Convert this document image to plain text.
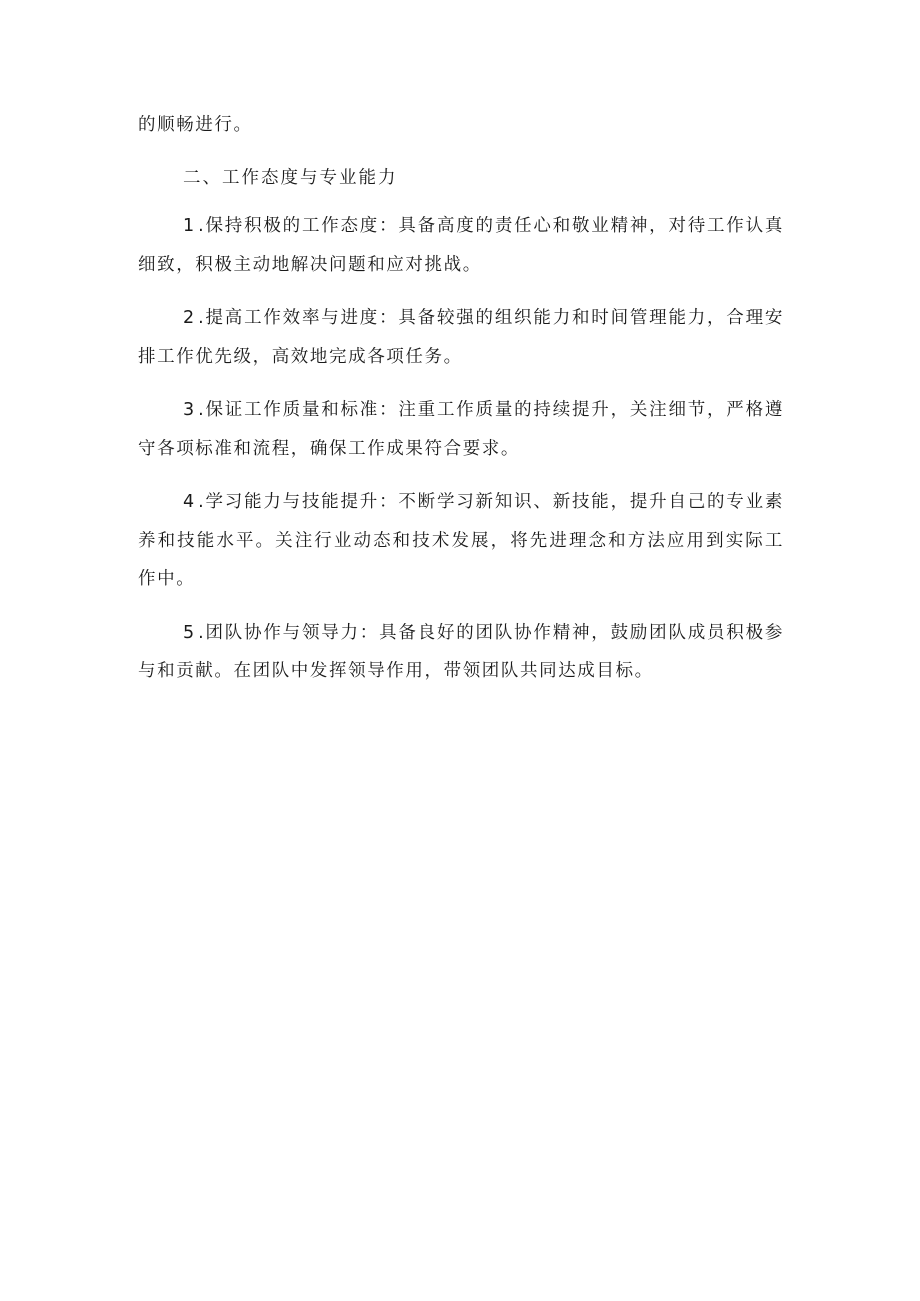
的顺畅进行。

二、工作态度与专业能力

1.保持积极的工作态度：具备高度的责任心和敬业精神，对待工作认真细致，积极主动地解决问题和应对挑战。

2.提高工作效率与进度：具备较强的组织能力和时间管理能力，合理安排工作优先级，高效地完成各项任务。

3.保证工作质量和标准：注重工作质量的持续提升，关注细节，严格遵守各项标准和流程，确保工作成果符合要求。

4.学习能力与技能提升：不断学习新知识、新技能，提升自己的专业素养和技能水平。关注行业动态和技术发展，将先进理念和方法应用到实际工作中。

5.团队协作与领导力：具备良好的团队协作精神，鼓励团队成员积极参与和贡献。在团队中发挥领导作用，带领团队共同达成目标。
